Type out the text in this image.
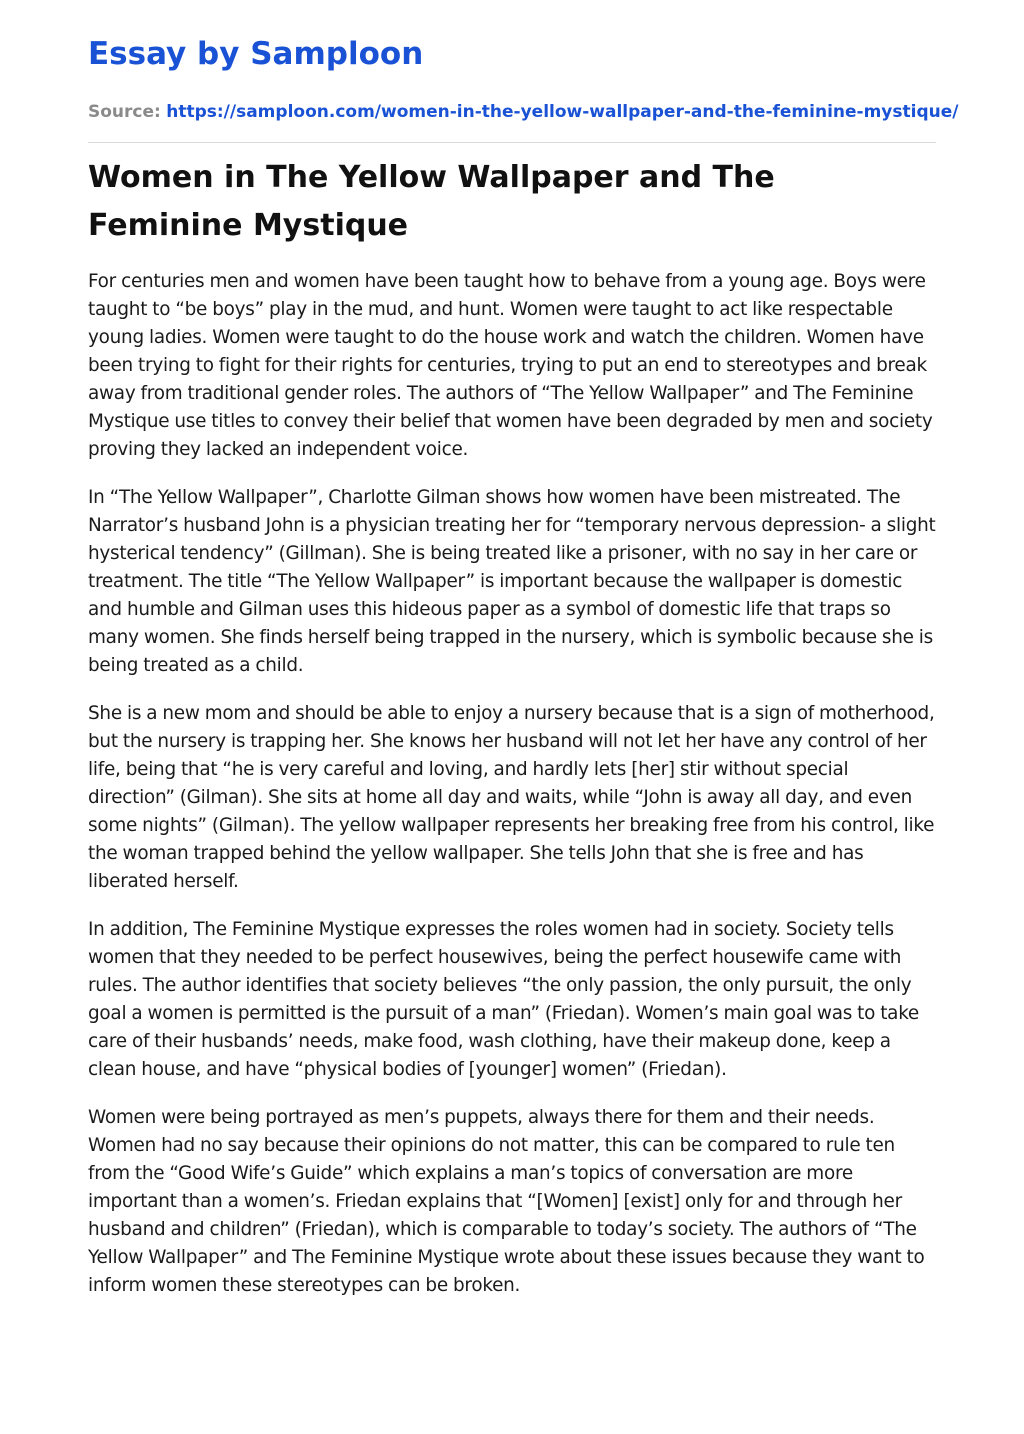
Essay by Samploon
Source: https://samploon.com/women-in-the-yellow-wallpaper-and-the-feminine-mystique/
Women in The Yellow Wallpaper and The Feminine Mystique

For centuries men and women have been taught how to behave from a young age. Boys were taught to “be boys” play in the mud, and hunt. Women were taught to act like respectable young ladies. Women were taught to do the house work and watch the children. Women have been trying to fight for their rights for centuries, trying to put an end to stereotypes and break away from traditional gender roles. The authors of “The Yellow Wallpaper” and The Feminine Mystique use titles to convey their belief that women have been degraded by men and society proving they lacked an independent voice.

In “The Yellow Wallpaper”, Charlotte Gilman shows how women have been mistreated. The Narrator’s husband John is a physician treating her for “temporary nervous depression- a slight hysterical tendency” (Gillman). She is being treated like a prisoner, with no say in her care or treatment. The title “The Yellow Wallpaper” is important because the wallpaper is domestic and humble and Gilman uses this hideous paper as a symbol of domestic life that traps so many women. She finds herself being trapped in the nursery, which is symbolic because she is being treated as a child.

She is a new mom and should be able to enjoy a nursery because that is a sign of motherhood, but the nursery is trapping her. She knows her husband will not let her have any control of her life, being that “he is very careful and loving, and hardly lets [her] stir without special direction” (Gilman). She sits at home all day and waits, while “John is away all day, and even some nights” (Gilman). The yellow wallpaper represents her breaking free from his control, like the woman trapped behind the yellow wallpaper. She tells John that she is free and has liberated herself.

In addition, The Feminine Mystique expresses the roles women had in society. Society tells women that they needed to be perfect housewives, being the perfect housewife came with rules. The author identifies that society believes “the only passion, the only pursuit, the only goal a women is permitted is the pursuit of a man” (Friedan). Women’s main goal was to take care of their husbands’ needs, make food, wash clothing, have their makeup done, keep a clean house, and have “physical bodies of [younger] women” (Friedan).

Women were being portrayed as men’s puppets, always there for them and their needs. Women had no say because their opinions do not matter, this can be compared to rule ten from the “Good Wife’s Guide” which explains a man’s topics of conversation are more important than a women’s. Friedan explains that “[Women] [exist] only for and through her husband and children” (Friedan), which is comparable to today’s society. The authors of “The Yellow Wallpaper” and The Feminine Mystique wrote about these issues because they want to inform women these stereotypes can be broken.
